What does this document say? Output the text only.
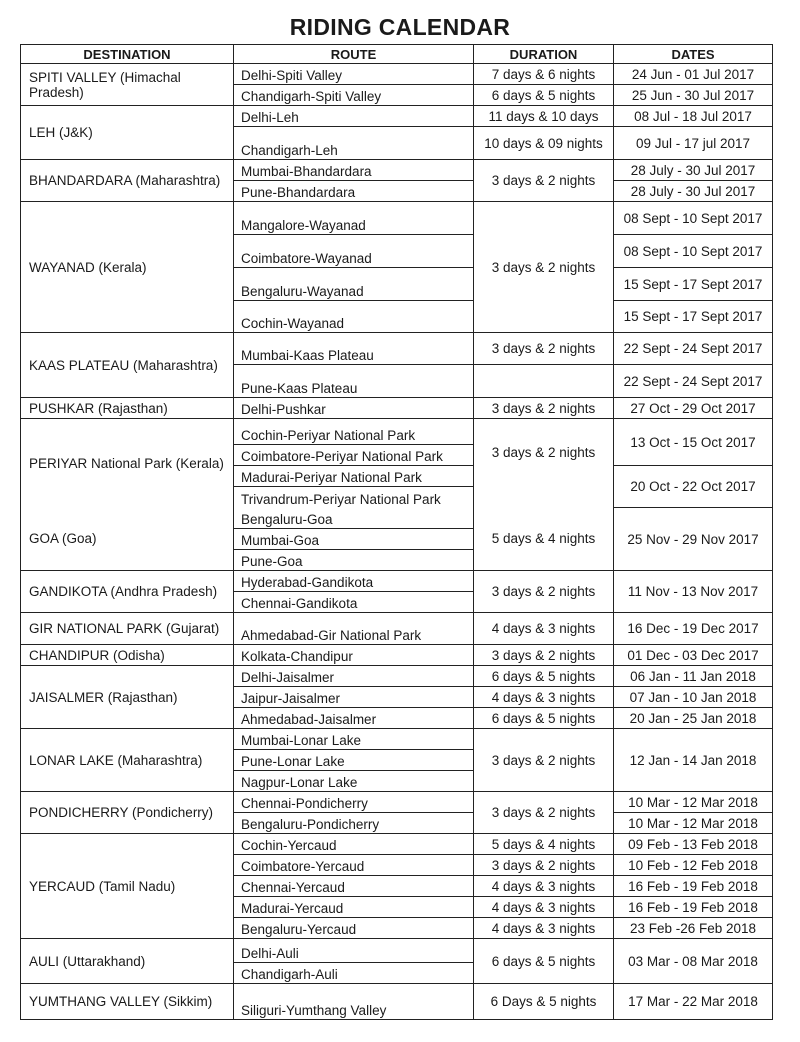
RIDING CALENDAR
DESTINATION	ROUTE	DURATION	DATES
SPITI VALLEY (Himachal Pradesh)	Delhi-Spiti Valley	7 days & 6 nights	24 Jun - 01 Jul 2017
	Chandigarh-Spiti Valley	6 days & 5 nights	25 Jun - 30 Jul 2017
LEH (J&K)	Delhi-Leh	11 days & 10 days	08 Jul - 18 Jul 2017
	Chandigarh-Leh	10 days & 09 nights	09 Jul - 17 jul 2017
BHANDARDARA (Maharashtra)	Mumbai-Bhandardara	3 days & 2 nights	28 July - 30 Jul 2017
	Pune-Bhandardara		28 July - 30 Jul 2017
WAYANAD (Kerala)	Mangalore-Wayanad	3 days & 2 nights	08 Sept - 10 Sept 2017
	Coimbatore-Wayanad		08 Sept - 10 Sept 2017
	Bengaluru-Wayanad		15 Sept - 17 Sept 2017
	Cochin-Wayanad		15 Sept - 17 Sept 2017
KAAS PLATEAU (Maharashtra)	Mumbai-Kaas Plateau	3 days & 2 nights	22 Sept - 24 Sept 2017
	Pune-Kaas Plateau		22 Sept - 24 Sept 2017
PUSHKAR (Rajasthan)	Delhi-Pushkar	3 days & 2 nights	27 Oct - 29 Oct 2017
PERIYAR National Park (Kerala)	Cochin-Periyar National Park	3 days & 2 nights	13 Oct - 15 Oct 2017
	Coimbatore-Periyar National Park		
	Madurai-Periyar National Park		20 Oct - 22 Oct 2017
	Trivandrum-Periyar National Park		
GOA (Goa)	Bengaluru-Goa	5 days & 4 nights	25 Nov - 29 Nov 2017
	Mumbai-Goa		
	Pune-Goa		
GANDIKOTA (Andhra Pradesh)	Hyderabad-Gandikota	3 days & 2 nights	11 Nov - 13 Nov 2017
	Chennai-Gandikota		
GIR NATIONAL PARK (Gujarat)	Ahmedabad-Gir National Park	4 days & 3 nights	16 Dec - 19 Dec 2017
CHANDIPUR (Odisha)	Kolkata-Chandipur	3 days & 2 nights	01 Dec - 03 Dec 2017
JAISALMER (Rajasthan)	Delhi-Jaisalmer	6 days & 5 nights	06 Jan - 11 Jan 2018
	Jaipur-Jaisalmer	4 days & 3 nights	07 Jan - 10 Jan 2018
	Ahmedabad-Jaisalmer	6 days & 5 nights	20 Jan - 25 Jan 2018
LONAR LAKE (Maharashtra)	Mumbai-Lonar Lake	3 days & 2 nights	12 Jan - 14 Jan 2018
	Pune-Lonar Lake		
	Nagpur-Lonar Lake		
PONDICHERRY (Pondicherry)	Chennai-Pondicherry	3 days & 2 nights	10 Mar - 12 Mar 2018
	Bengaluru-Pondicherry		10 Mar - 12 Mar 2018
YERCAUD (Tamil Nadu)	Cochin-Yercaud	5 days & 4 nights	09 Feb - 13 Feb 2018
	Coimbatore-Yercaud	3 days & 2 nights	10 Feb - 12 Feb 2018
	Chennai-Yercaud	4 days & 3 nights	16 Feb - 19 Feb 2018
	Madurai-Yercaud	4 days & 3 nights	16 Feb - 19 Feb 2018
	Bengaluru-Yercaud	4 days & 3 nights	23 Feb -26 Feb 2018
AULI (Uttarakhand)	Delhi-Auli	6 days & 5 nights	03 Mar - 08 Mar 2018
	Chandigarh-Auli		
YUMTHANG VALLEY (Sikkim)	Siliguri-Yumthang Valley	6 Days & 5 nights	17 Mar - 22 Mar 2018
